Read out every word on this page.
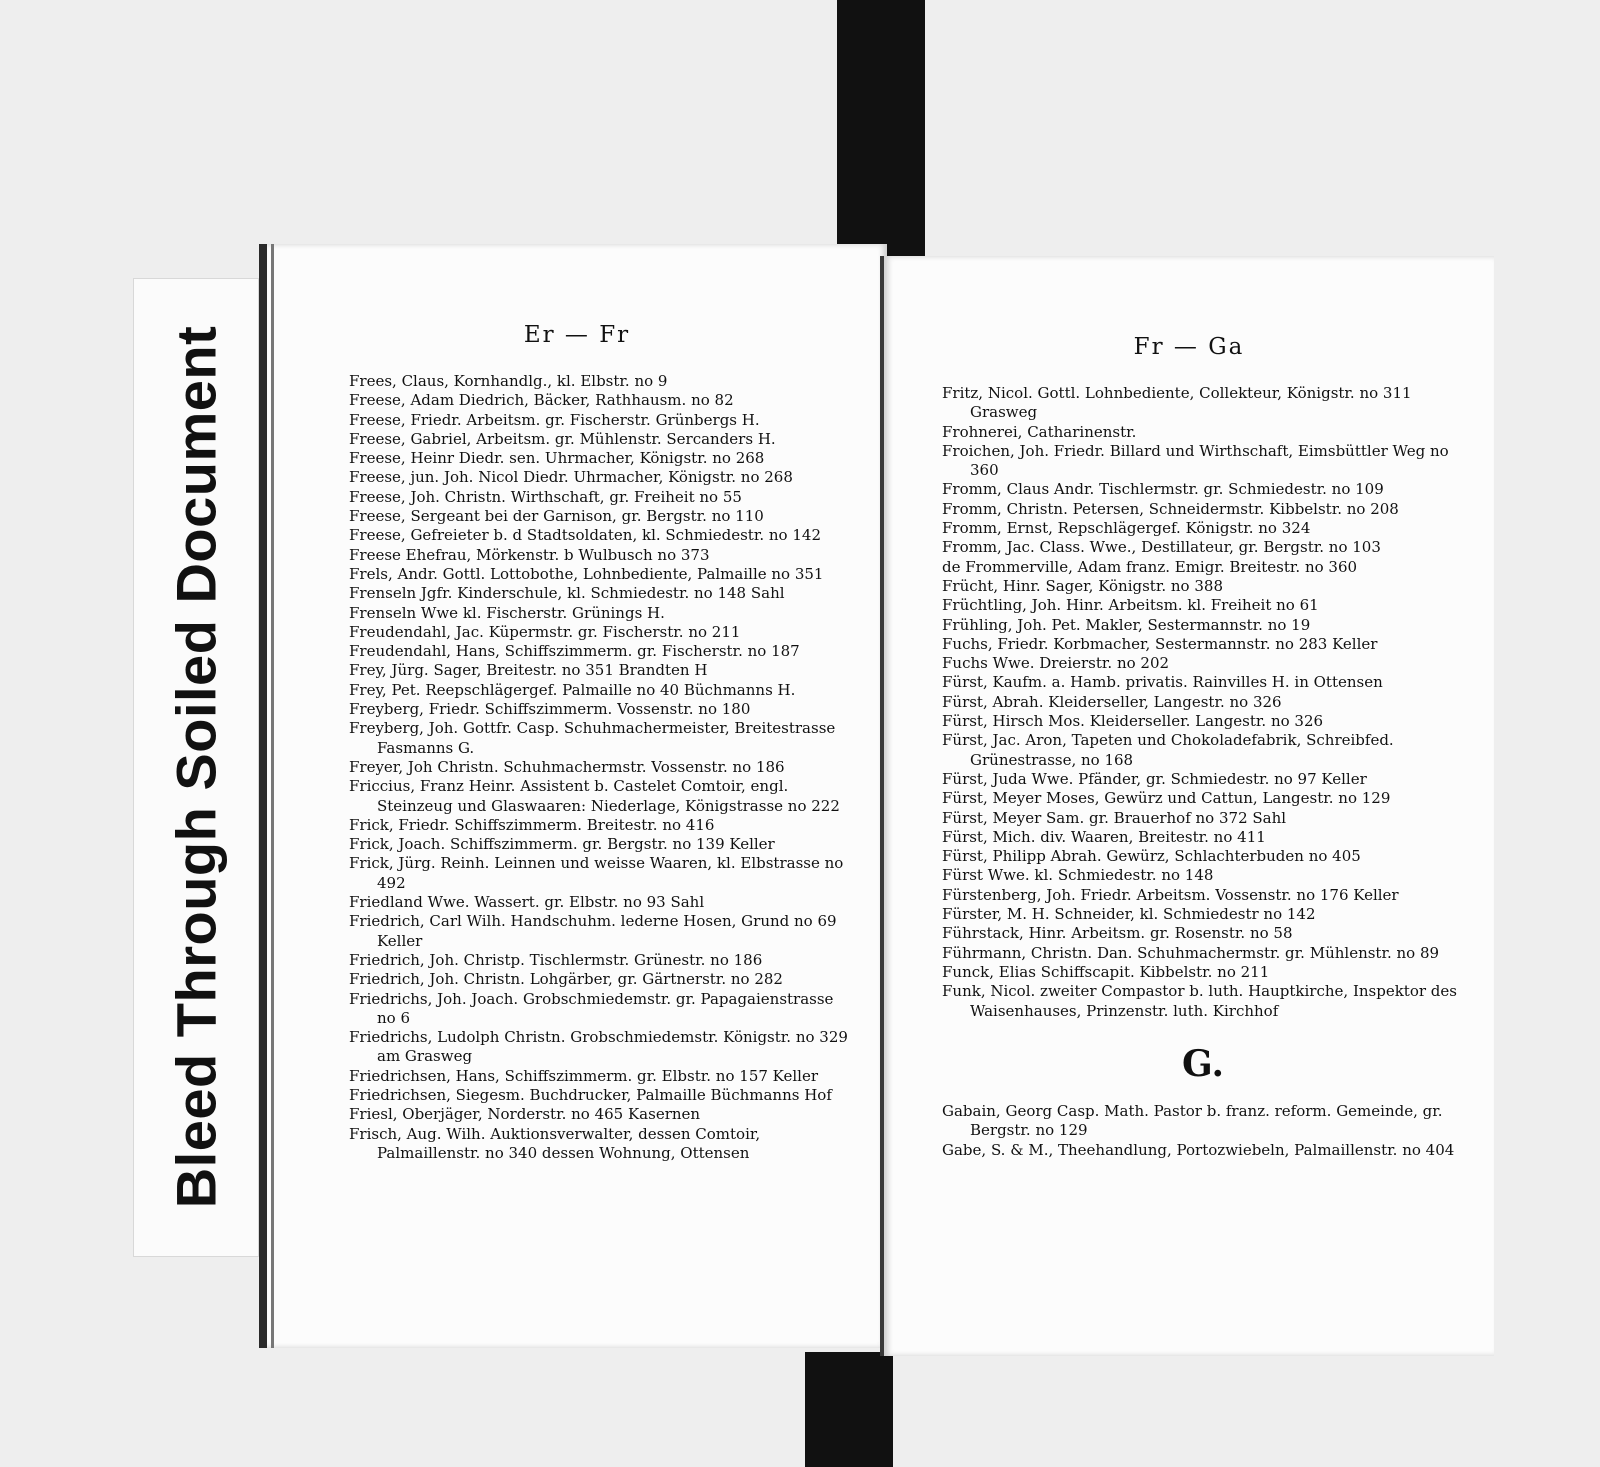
Bleed Through Soiled Document	Er — Fr

Frees, Claus, Kornhandlg., kl. Elbstr. no 9

Freese, Adam Diedrich, Bäcker, Rathhausm. no 82

Freese, Friedr. Arbeitsm. gr. Fischerstr. Grünbergs H.

Freese, Gabriel, Arbeitsm. gr. Mühlenstr. Sercanders H.

Freese, Heinr Diedr. sen. Uhrmacher, Königstr. no 268

Freese, jun. Joh. Nicol Diedr. Uhrmacher, Königstr. no 268

Freese, Joh. Christn. Wirthschaft, gr. Freiheit no 55

Freese, Sergeant bei der Garnison, gr. Bergstr. no 110

Freese, Gefreieter b. d Stadtsoldaten, kl. Schmiedestr. no 142

Freese Ehefrau, Mörkenstr. b Wulbusch no 373

Frels, Andr. Gottl. Lottobothe, Lohnbediente, Palmaille no 351

Frenseln Jgfr. Kinderschule, kl. Schmiedestr. no 148 Sahl

Frenseln Wwe kl. Fischerstr. Grünings H.

Freudendahl, Jac. Küpermstr. gr. Fischerstr. no 211

Freudendahl, Hans, Schiffszimmerm. gr. Fischerstr. no 187

Frey, Jürg. Sager, Breitestr. no 351 Brandten H

Frey, Pet. Reepschlägergef. Palmaille no 40 Büchmanns H.

Freyberg, Friedr. Schiffszimmerm. Vossenstr. no 180

Freyberg, Joh. Gottfr. Casp. Schuhmachermeister, Breitestrasse Fasmanns G.

Freyer, Joh Christn. Schuhmachermstr. Vossenstr. no 186

Friccius, Franz Heinr. Assistent b. Castelet Comtoir, engl. Steinzeug und Glaswaaren: Niederlage, Königstrasse no 222

Frick, Friedr. Schiffszimmerm. Breitestr. no 416

Frick, Joach. Schiffszimmerm. gr. Bergstr. no 139 Keller

Frick, Jürg. Reinh. Leinnen und weisse Waaren, kl. Elbstrasse no 492

Friedland Wwe. Wassert. gr. Elbstr. no 93 Sahl

Friedrich, Carl Wilh. Handschuhm. lederne Hosen, Grund no 69 Keller

Friedrich, Joh. Christp. Tischlermstr. Grünestr. no 186

Friedrich, Joh. Christn. Lohgärber, gr. Gärtnerstr. no 282

Friedrichs, Joh. Joach. Grobschmiedemstr. gr. Papagaienstrasse no 6

Friedrichs, Ludolph Christn. Grobschmiedemstr. Königstr. no 329 am Grasweg

Friedrichsen, Hans, Schiffszimmerm. gr. Elbstr. no 157 Keller

Friedrichsen, Siegesm. Buchdrucker, Palmaille Büchmanns Hof

Friesl, Oberjäger, Norderstr. no 465 Kasernen

Frisch, Aug. Wilh. Auktionsverwalter, dessen Comtoir, Palmaillenstr. no 340 dessen Wohnung, Ottensen

Fr — Ga

Fritz, Nicol. Gottl. Lohnbediente, Collekteur, Königstr. no 311 Grasweg

Frohnerei, Catharinenstr.

Froichen, Joh. Friedr. Billard und Wirthschaft, Eimsbüttler Weg no 360

Fromm, Claus Andr. Tischlermstr. gr. Schmiedestr. no 109

Fromm, Christn. Petersen, Schneidermstr. Kibbelstr. no 208

Fromm, Ernst, Repschlägergef. Königstr. no 324

Fromm, Jac. Class. Wwe., Destillateur, gr. Bergstr. no 103

de Frommerville, Adam franz. Emigr. Breitestr. no 360

Frücht, Hinr. Sager, Königstr. no 388

Früchtling, Joh. Hinr. Arbeitsm. kl. Freiheit no 61

Frühling, Joh. Pet. Makler, Sestermannstr. no 19

Fuchs, Friedr. Korbmacher, Sestermannstr. no 283 Keller

Fuchs Wwe. Dreierstr. no 202

Fürst, Kaufm. a. Hamb. privatis. Rainvilles H. in Ottensen

Fürst, Abrah. Kleiderseller, Langestr. no 326

Fürst, Hirsch Mos. Kleiderseller. Langestr. no 326

Fürst, Jac. Aron, Tapeten und Chokoladefabrik, Schreibfed. Grünestrasse, no 168

Fürst, Juda Wwe. Pfänder, gr. Schmiedestr. no 97 Keller

Fürst, Meyer Moses, Gewürz und Cattun, Langestr. no 129

Fürst, Meyer Sam. gr. Brauerhof no 372 Sahl

Fürst, Mich. div. Waaren, Breitestr. no 411

Fürst, Philipp Abrah. Gewürz, Schlachterbuden no 405

Fürst Wwe. kl. Schmiedestr. no 148

Fürstenberg, Joh. Friedr. Arbeitsm. Vossenstr. no 176 Keller

Fürster, M. H. Schneider, kl. Schmiedestr no 142

Führstack, Hinr. Arbeitsm. gr. Rosenstr. no 58

Führmann, Christn. Dan. Schuhmachermstr. gr. Mühlenstr. no 89

Funck, Elias Schiffscapit. Kibbelstr. no 211

Funk, Nicol. zweiter Compastor b. luth. Hauptkirche, Inspektor des Waisenhauses, Prinzenstr. luth. Kirchhof

G.

Gabain, Georg Casp. Math. Pastor b. franz. reform. Gemeinde, gr. Bergstr. no 129

Gabe, S. & M., Theehandlung, Portozwiebeln, Palmaillenstr. no 404
